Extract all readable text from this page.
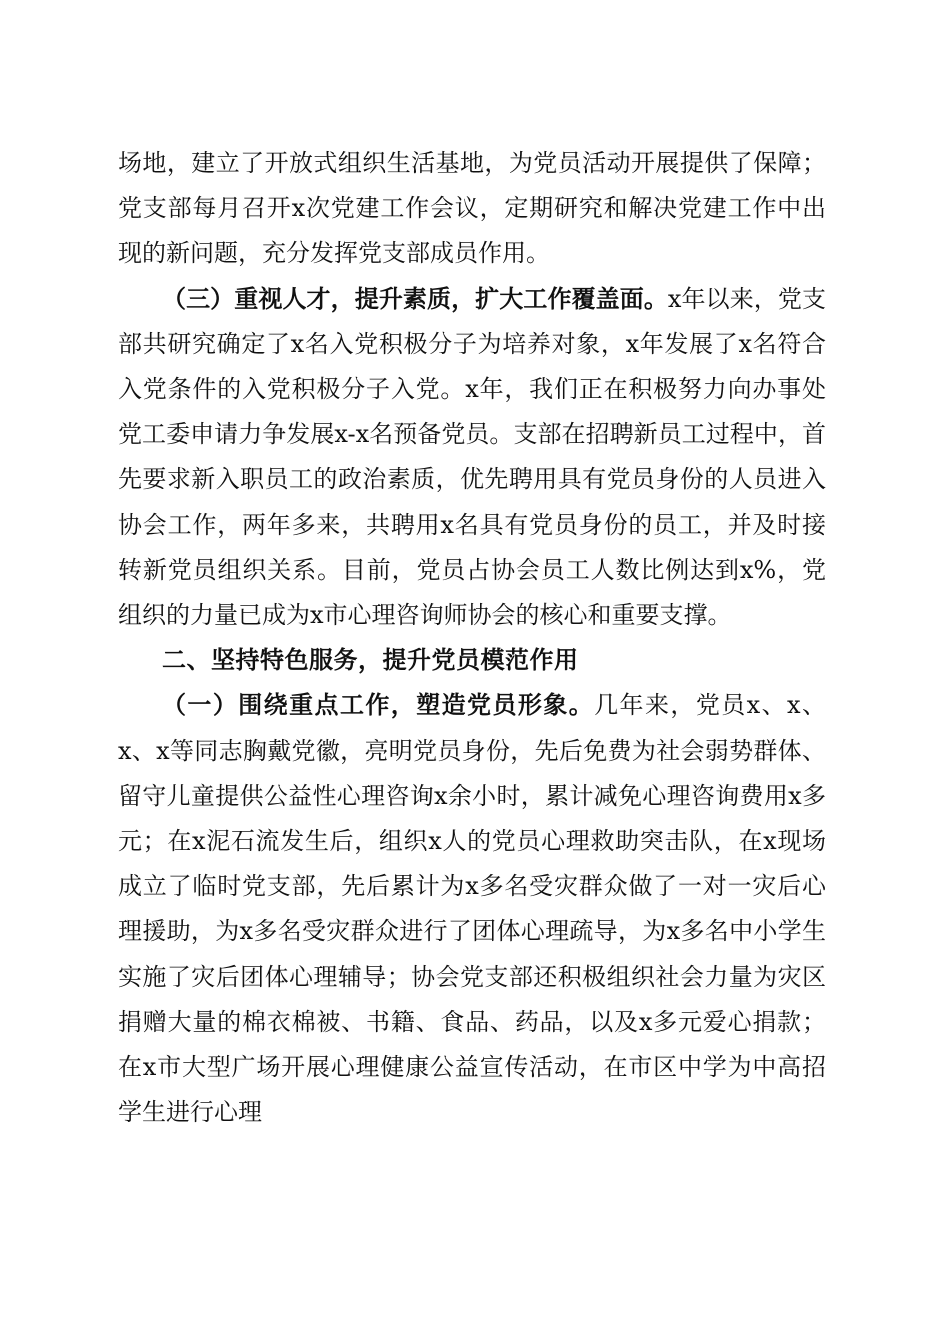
场地，建立了开放式组织生活基地，为党员活动开展提供了保障；党支部每月召开x次党建工作会议，定期研究和解决党建工作中出现的新问题，充分发挥党支部成员作用。

（三）重视人才，提升素质，扩大工作覆盖面。x年以来，党支部共研究确定了x名入党积极分子为培养对象，x年发展了x名符合入党条件的入党积极分子入党。x年，我们正在积极努力向办事处党工委申请力争发展x-x名预备党员。支部在招聘新员工过程中，首先要求新入职员工的政治素质，优先聘用具有党员身份的人员进入协会工作，两年多来，共聘用x名具有党员身份的员工，并及时接转新党员组织关系。目前，党员占协会员工人数比例达到x%，党组织的力量已成为x市心理咨询师协会的核心和重要支撑。

二、坚持特色服务，提升党员模范作用

（一）围绕重点工作，塑造党员形象。几年来，党员x、x、x、x等同志胸戴党徽，亮明党员身份，先后免费为社会弱势群体、留守儿童提供公益性心理咨询x余小时，累计减免心理咨询费用x多元；在x泥石流发生后，组织x人的党员心理救助突击队，在x现场成立了临时党支部，先后累计为x多名受灾群众做了一对一灾后心理援助，为x多名受灾群众进行了团体心理疏导，为x多名中小学生实施了灾后团体心理辅导；协会党支部还积极组织社会力量为灾区捐赠大量的棉衣棉被、书籍、食品、药品，以及x多元爱心捐款；在x市大型广场开展心理健康公益宣传活动，在市区中学为中高招学生进行心理
